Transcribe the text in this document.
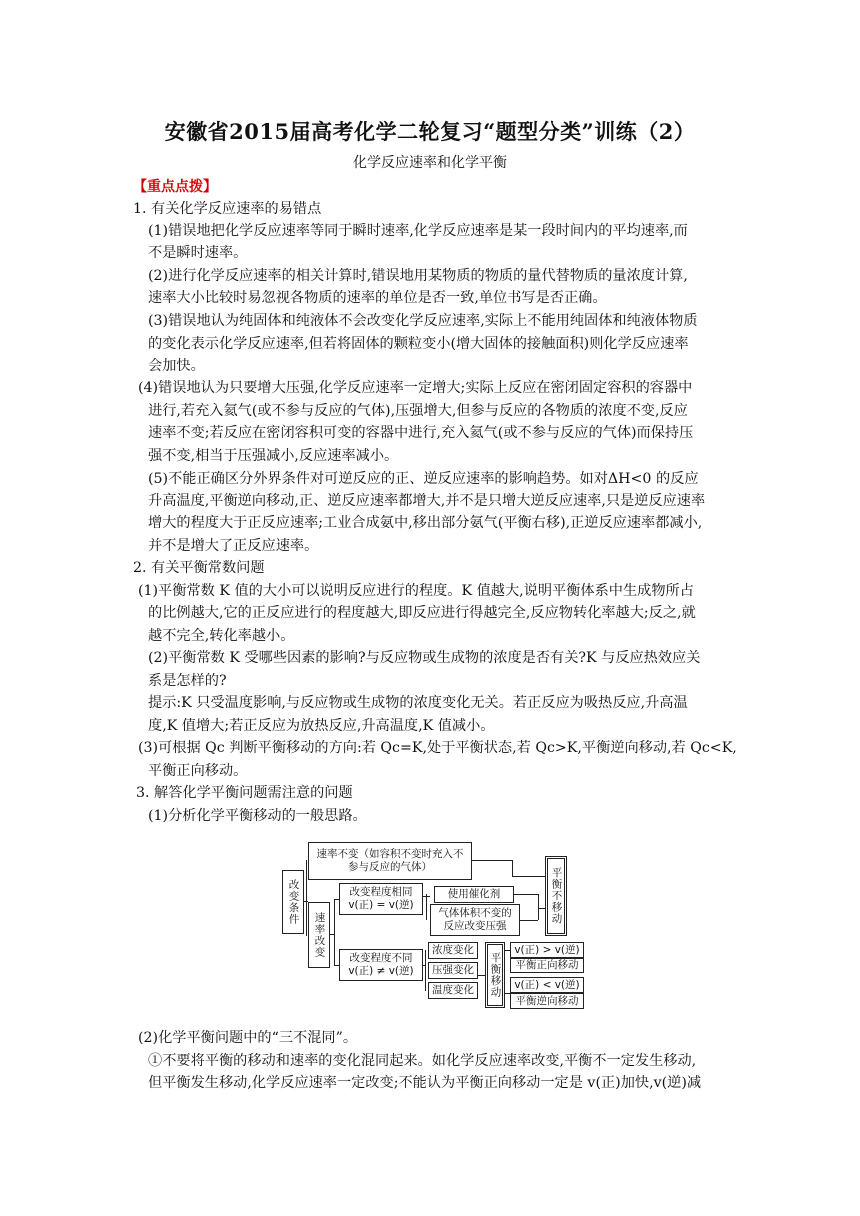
安徽省2015届高考化学二轮复习“题型分类”训练（2）
化学反应速率和化学平衡
【重点点拨】
1. 有关化学反应速率的易错点
(1)错误地把化学反应速率等同于瞬时速率,化学反应速率是某一段时间内的平均速率,而
不是瞬时速率。
(2)进行化学反应速率的相关计算时,错误地用某物质的物质的量代替物质的量浓度计算,
速率大小比较时易忽视各物质的速率的单位是否一致,单位书写是否正确。
(3)错误地认为纯固体和纯液体不会改变化学反应速率,实际上不能用纯固体和纯液体物质
的变化表示化学反应速率,但若将固体的颗粒变小(增大固体的接触面积)则化学反应速率
会加快。
(4)错误地认为只要增大压强,化学反应速率一定增大;实际上反应在密闭固定容积的容器中
进行,若充入氦气(或不参与反应的气体),压强增大,但参与反应的各物质的浓度不变,反应
速率不变;若反应在密闭容积可变的容器中进行,充入氦气(或不参与反应的气体)而保持压
强不变,相当于压强减小,反应速率减小。
(5)不能正确区分外界条件对可逆反应的正、逆反应速率的影响趋势。如对ΔH<0 的反应
升高温度,平衡逆向移动,正、逆反应速率都增大,并不是只增大逆反应速率,只是逆反应速率
增大的程度大于正反应速率;工业合成氨中,移出部分氨气(平衡右移),正逆反应速率都减小,
并不是增大了正反应速率。
2. 有关平衡常数问题
(1)平衡常数 K 值的大小可以说明反应进行的程度。K 值越大,说明平衡体系中生成物所占
的比例越大,它的正反应进行的程度越大,即反应进行得越完全,反应物转化率越大;反之,就
越不完全,转化率越小。
(2)平衡常数 K 受哪些因素的影响?与反应物或生成物的浓度是否有关?K 与反应热效应关
系是怎样的?
提示:K 只受温度影响,与反应物或生成物的浓度变化无关。若正反应为吸热反应,升高温
度,K 值增大;若正反应为放热反应,升高温度,K 值减小。
(3)可根据 Qc 判断平衡移动的方向:若 Qc=K,处于平衡状态,若 Qc>K,平衡逆向移动,若 Qc<K,
平衡正向移动。
3. 解答化学平衡问题需注意的问题
(1)分析化学平衡移动的一般思路。
改变条件
速率不变（如容积不变时充入不参与反应的气体）
速率改变
改变程度相同 v(正) = v(逆)
使用催化剂
气体体积不变的反应改变压强
平衡不移动
改变程度不同 v(正) ≠ v(逆)
浓度变化
压强变化
温度变化	平衡移动
v(正) > v(逆)
平衡正向移动
v(正) < v(逆)
平衡逆向移动
(2)化学平衡问题中的“三不混同”。
①不要将平衡的移动和速率的变化混同起来。如化学反应速率改变,平衡不一定发生移动,
但平衡发生移动,化学反应速率一定改变;不能认为平衡正向移动一定是 v(正)加快,v(逆)减
